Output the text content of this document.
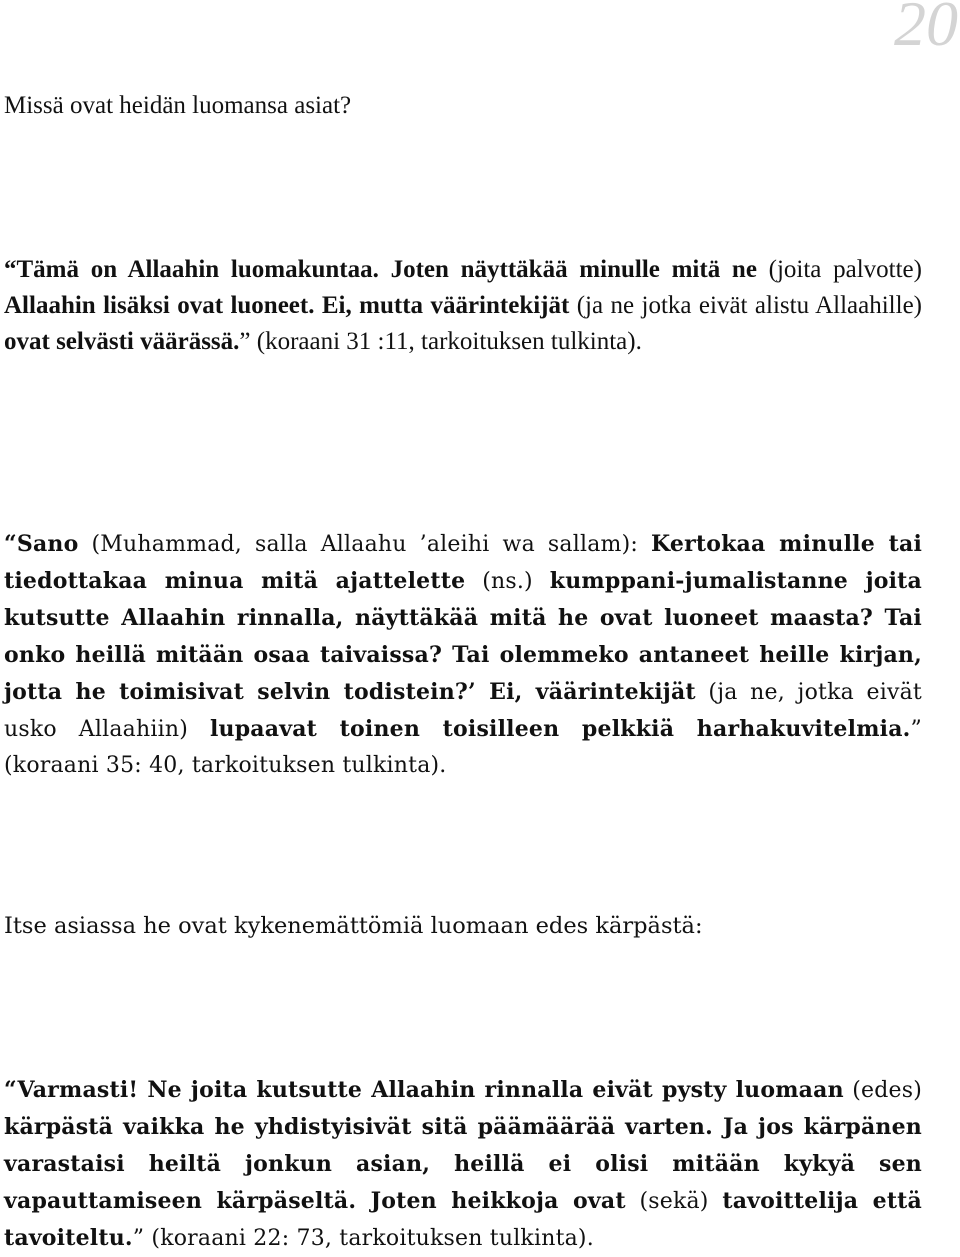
20

Missä ovat heidän luomansa asiat?

“Tämä on Allaahin luomakuntaa. Joten näyttäkää minulle mitä ne (joita palvotte) Allaahin lisäksi ovat luoneet. Ei, mutta väärintekijät (ja ne jotka eivät alistu Allaahille) ovat selvästi väärässä.” (koraani 31 :11, tarkoituksen tulkinta).

“Sano (Muhammad, salla Allaahu ’aleihi wa sallam): Kertokaa minulle tai tiedottakaa minua mitä ajattelette (ns.) kumppani-jumalistanne joita kutsutte Allaahin rinnalla, näyttäkää mitä he ovat luoneet maasta? Tai onko heillä mitään osaa taivaissa? Tai olemmeko antaneet heille kirjan, jotta he toimisivat selvin todistein?’ Ei, väärintekijät (ja ne, jotka eivät usko Allaahiin) lupaavat toinen toisilleen pelkkiä harhakuvitelmia.” (koraani 35: 40, tarkoituksen tulkinta).

Itse asiassa he ovat kykenemättömiä luomaan edes kärpästä:

“Varmasti! Ne joita kutsutte Allaahin rinnalla eivät pysty luomaan (edes) kärpästä vaikka he yhdistyisivät sitä päämäärää varten. Ja jos kärpänen varastaisi heiltä jonkun asian, heillä ei olisi mitään kykyä sen vapauttamiseen kärpäseltä. Joten heikkoja ovat (sekä) tavoittelija että tavoiteltu.” (koraani 22: 73, tarkoituksen tulkinta).
